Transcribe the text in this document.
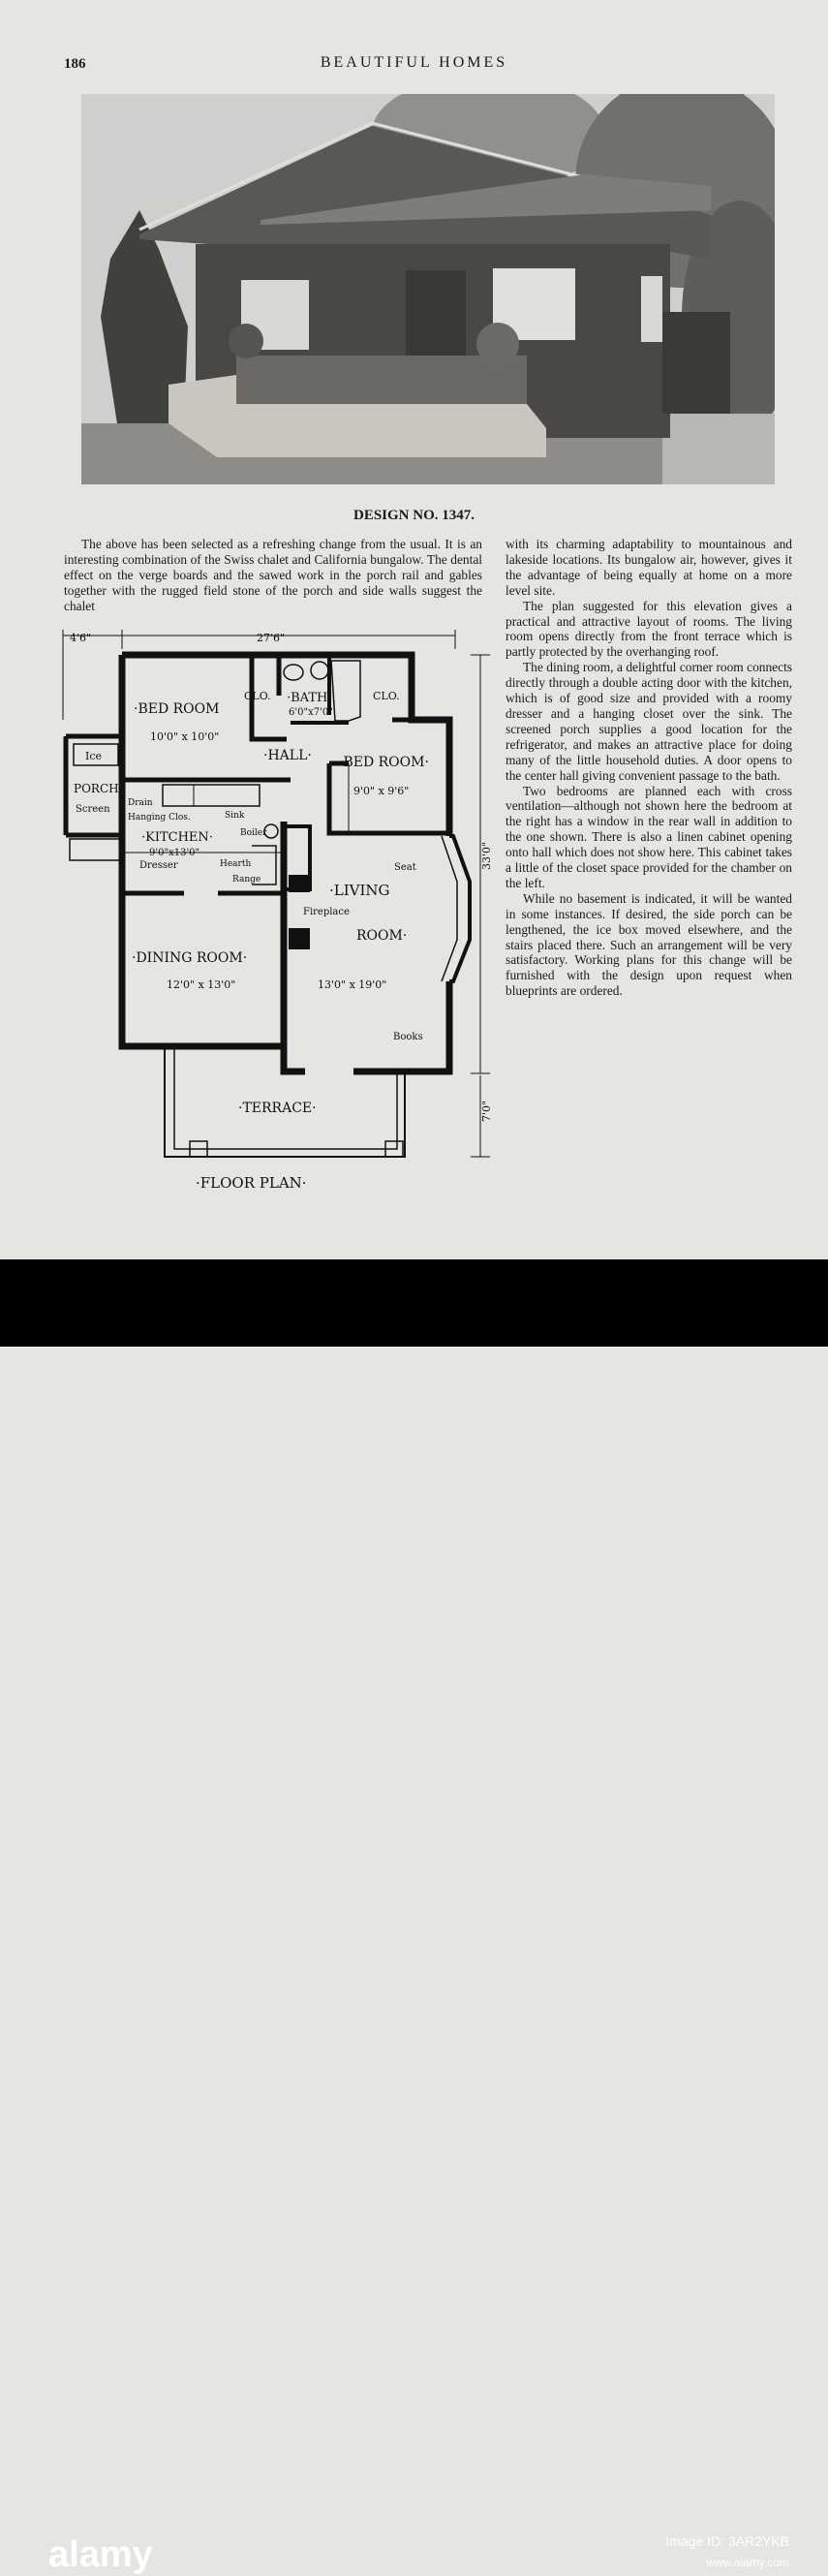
186	BEAUTIFUL HOMES
DESIGN NO. 1347.

The above has been selected as a refreshing change from the usual. It is an interesting combination of the Swiss chalet and California bungalow. The dental effect on the verge boards and the sawed work in the porch rail and gables together with the rugged field stone of the porch and side walls suggest the chalet

with its charming adaptability to mountainous and lakeside locations. Its bungalow air, however, gives it the advantage of being equally at home on a more level site.

The plan suggested for this elevation gives a practical and attractive layout of rooms. The living room opens directly from the front terrace which is partly protected by the overhanging roof.

The dining room, a delightful corner room connects directly through a double acting door with the kitchen, which is of good size and provided with a roomy dresser and a hanging closet over the sink. The screened porch supplies a good location for the refrigerator, and makes an attractive place for doing many of the little household duties. A door opens to the center hall giving convenient passage to the bath.

Two bedrooms are planned each with cross ventilation—although not shown here the bedroom at the right has a window in the rear wall in addition to the one shown. There is also a linen cabinet opening onto hall which does not show here. This cabinet takes a little of the closet space provided for the chamber on the left.

While no basement is indicated, it will be wanted in some instances. If desired, the side porch can be lengthened, the ice box moved elsewhere, and the stairs placed there. Such an arrangement will be very satisfactory. Working plans for this change will be furnished with the design upon request when blueprints are ordered.

4'6"	27'6"
33'0"
7'0"
·BED ROOM
10'0" x 10'0"
CLO. ·BATH·
6'0"x7'0"
CLO.
·HALL· ·BED ROOM·
9'0" x 9'6"
Ice
PORCH
Screen
Drain
Hanging Clos.	Sink
·KITCHEN·
9'0"x13'0"
Boiler
Dresser	Hearth
Range
Seat
·LIVING
Fireplace
ROOM·
·DINING ROOM·
12'0" x 13'0"	13'0" x 19'0"
Books
·TERRACE·
·FLOOR PLAN·
alamy	Image ID: 3AR2YKB
www.alamy.com
